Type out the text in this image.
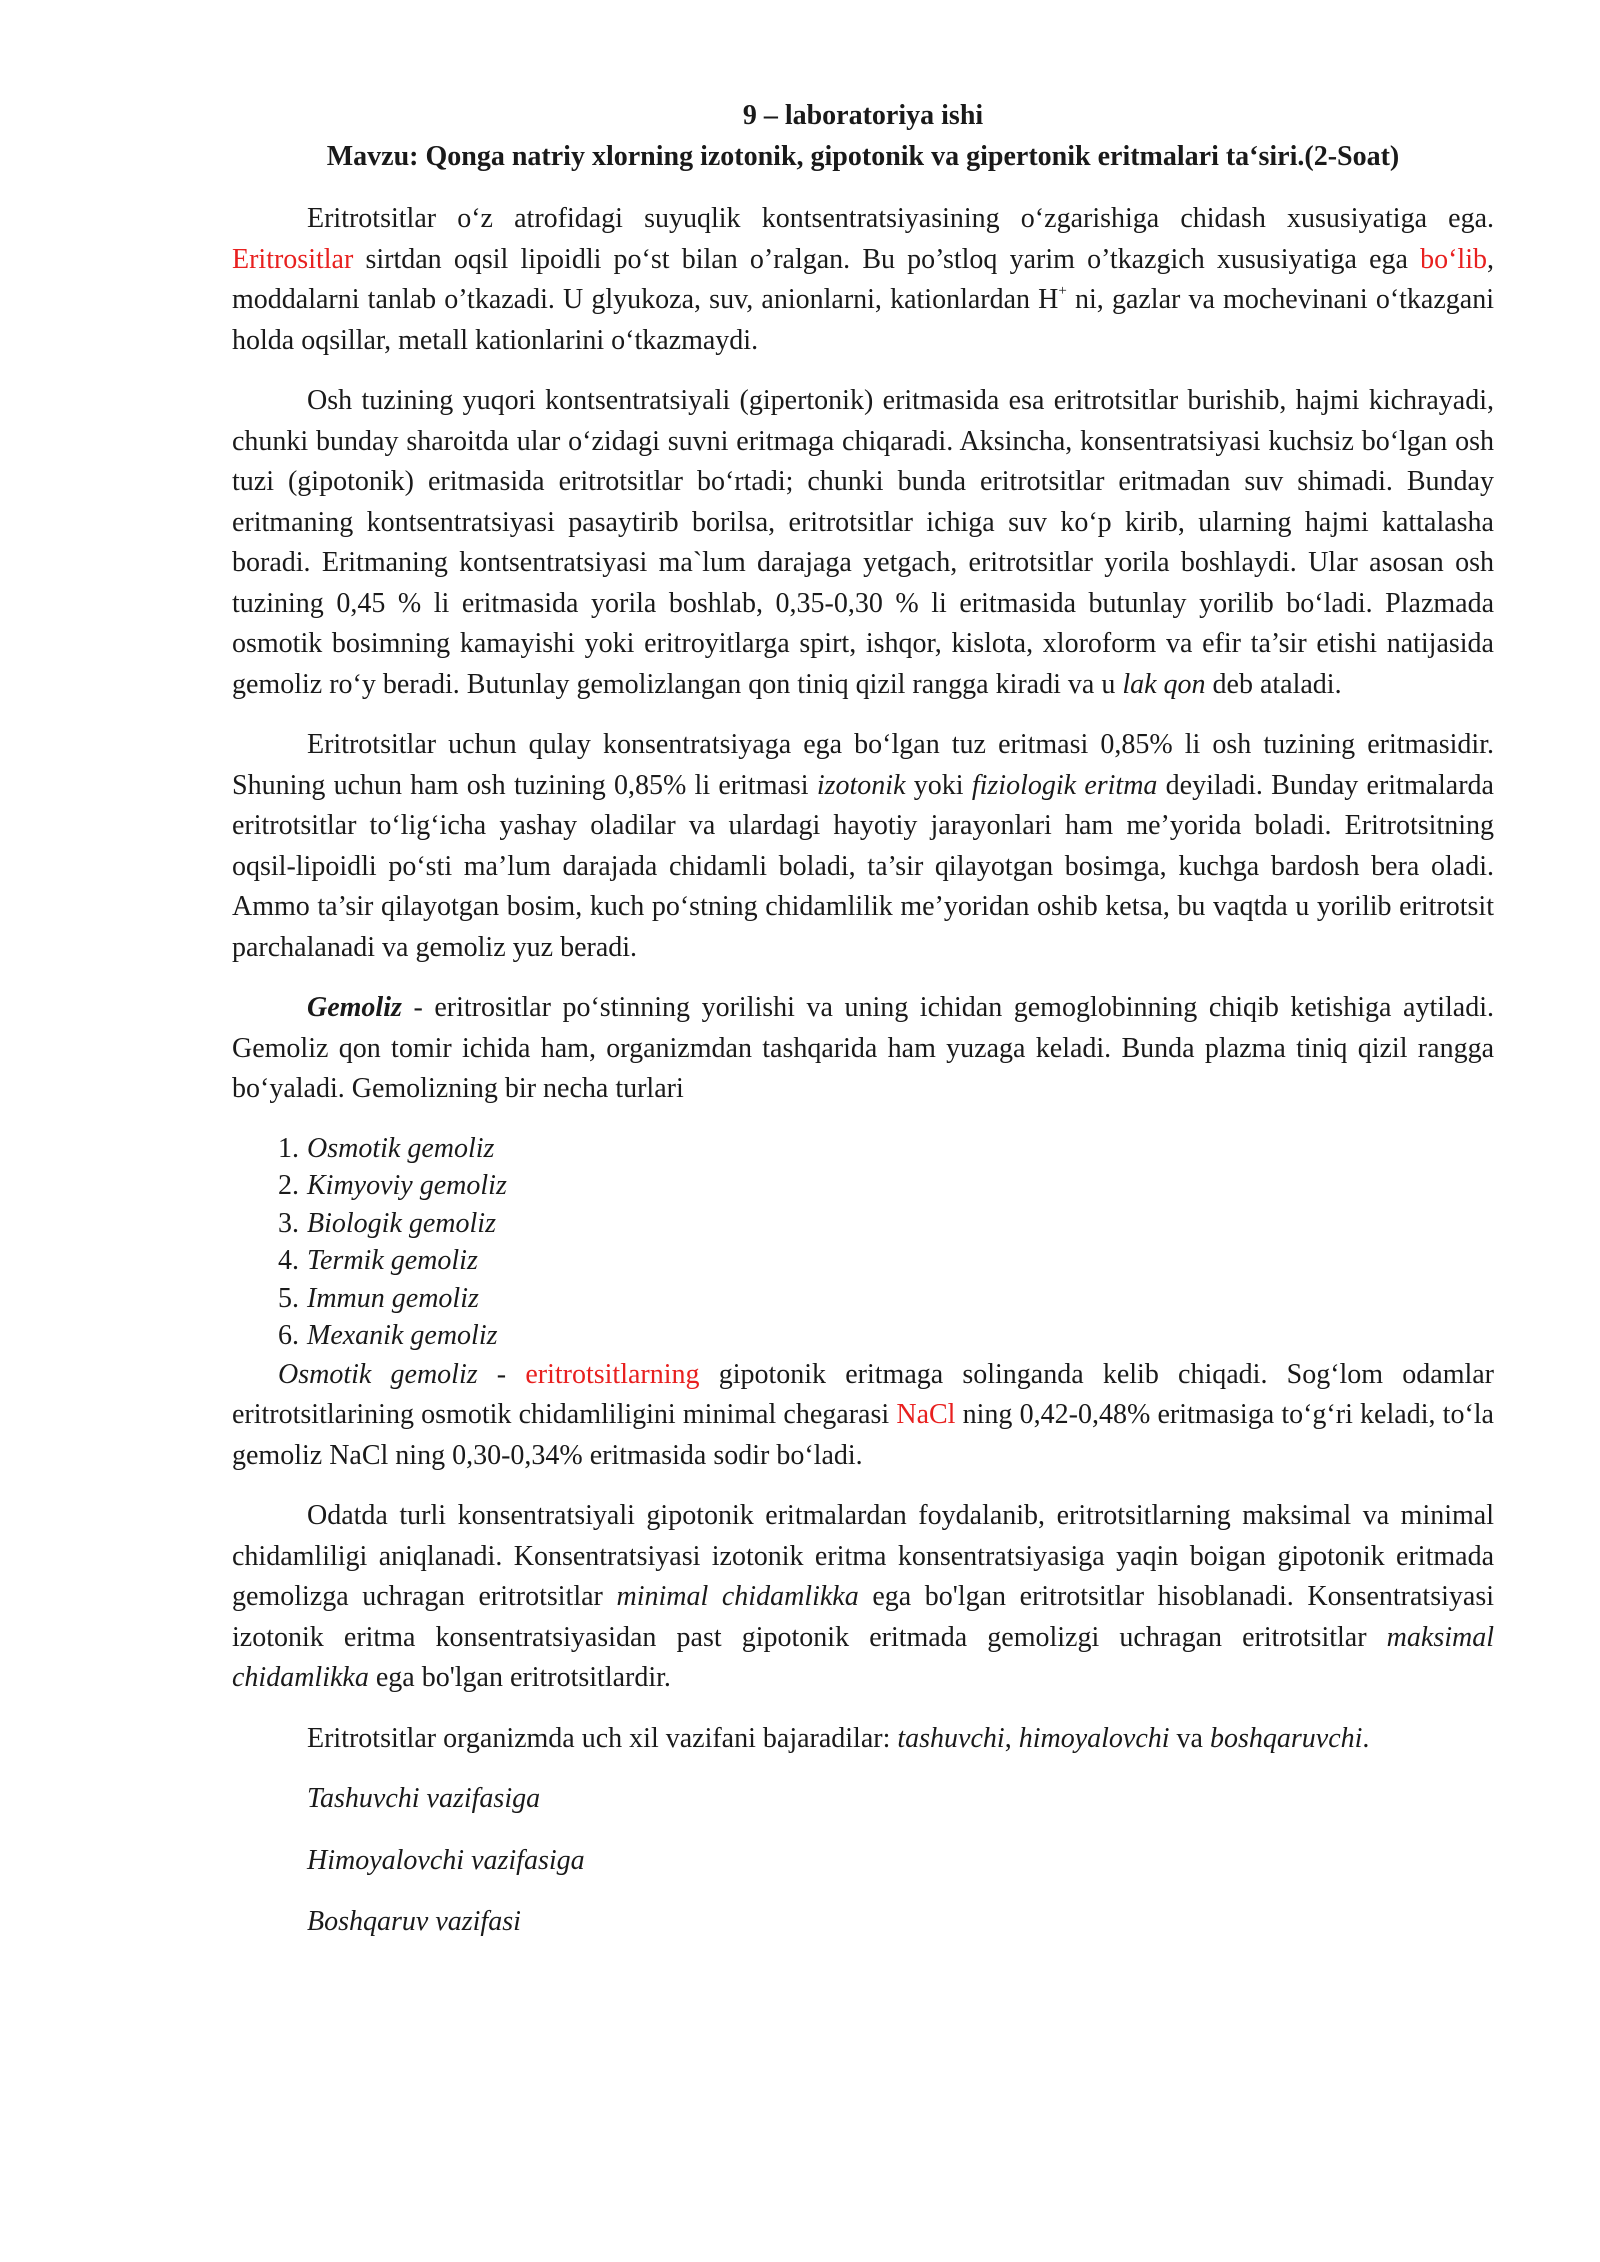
9 – laboratoriya ishi

Mavzu: Qonga natriy xlorning izotonik, gipotonik va gipertonik eritmalari ta‘siri.(2-Soat)

Eritrotsitlar o‘z atrofidagi suyuqlik kontsentratsiyasining o‘zgarishiga chidash xususiyatiga ega. Eritrositlar sirtdan oqsil lipoidli po‘st bilan o’ralgan. Bu po’stloq yarim o’tkazgich xususiyatiga ega bo‘lib, moddalarni tanlab o’tkazadi. U glyukoza, suv, anionlarni, kationlardan H+ ni, gazlar va mochevinani o‘tkazgani holda oqsillar, metall kationlarini o‘tkazmaydi.

Osh tuzining yuqori kontsentratsiyali (gipertonik) eritmasida esa eritrotsitlar burishib, hajmi kichrayadi, chunki bunday sharoitda ular o‘zidagi suvni eritmaga chiqaradi. Aksincha, konsentratsiyasi kuchsiz bo‘lgan osh tuzi (gipotonik) eritmasida eritrotsitlar bo‘rtadi; chunki bunda eritrotsitlar eritmadan suv shimadi. Bunday eritmaning kontsentratsiyasi pasaytirib borilsa, eritrotsitlar ichiga suv ko‘p kirib, ularning hajmi kattalasha boradi. Eritmaning kontsentratsiyasi ma`lum darajaga yetgach, eritrotsitlar yorila boshlaydi. Ular asosan osh tuzining 0,45 % li eritmasida yorila boshlab, 0,35-0,30 % li eritmasida butunlay yorilib bo‘ladi. Plazmada osmotik bosimning kamayishi yoki eritroyitlarga spirt, ishqor, kislota, xloroform va efir ta’sir etishi natijasida gemoliz ro‘y beradi. Butunlay gemolizlangan qon tiniq qizil rangga kiradi va u lak qon deb ataladi.

Eritrotsitlar uchun qulay konsentratsiyaga ega bo‘lgan tuz eritmasi 0,85% li osh tuzining eritmasidir. Shuning uchun ham osh tuzining 0,85% li eritmasi izotonik yoki fiziologik eritma deyiladi. Bunday eritmalarda eritrotsitlar to‘lig‘icha yashay oladilar va ulardagi hayotiy jarayonlari ham me’yorida boladi. Eritrotsitning oqsil-lipoidli po‘sti ma’lum darajada chidamli boladi, ta’sir qilayotgan bosimga, kuchga bardosh bera oladi. Ammo ta’sir qilayotgan bosim, kuch po‘stning chidamlilik me’yoridan oshib ketsa, bu vaqtda u yorilib eritrotsit parchalanadi va gemoliz yuz beradi.

Gemoliz - eritrositlar po‘stinning yorilishi va uning ichidan gemoglobinning chiqib ketishiga aytiladi. Gemoliz qon tomir ichida ham, organizmdan tashqarida ham yuzaga keladi. Bunda plazma tiniq qizil rangga bo‘yaladi. Gemolizning bir necha turlari

1. Osmotik gemoliz
2. Kimyoviy gemoliz
3. Biologik gemoliz
4. Termik gemoliz
5. Immun gemoliz
6. Mexanik gemoliz

Osmotik gemoliz - eritrotsitlarning gipotonik eritmaga solinganda kelib chiqadi. Sog‘lom odamlar eritrotsitlarining osmotik chidamliligini minimal chegarasi NaCl ning 0,42-0,48% eritmasiga to‘g‘ri keladi, to‘la gemoliz NaCl ning 0,30-0,34% eritmasida sodir bo‘ladi.

Odatda turli konsentratsiyali gipotonik eritmalardan foydalanib, eritrotsitlarning maksimal va minimal chidamliligi aniqlanadi. Konsentratsiyasi izotonik eritma konsentratsiyasiga yaqin boigan gipotonik eritmada gemolizga uchragan eritrotsitlar minimal chidamlikka ega bo'lgan eritrotsitlar hisoblanadi. Konsentratsiyasi izotonik eritma konsentratsiyasidan past gipotonik eritmada gemolizgi uchragan eritrotsitlar maksimal chidamlikka ega bo'lgan eritrotsitlardir.

Eritrotsitlar organizmda uch xil vazifani bajaradilar: tashuvchi, himoyalovchi va boshqaruvchi.

Tashuvchi vazifasiga

Himoyalovchi vazifasiga

Boshqaruv vazifasi
